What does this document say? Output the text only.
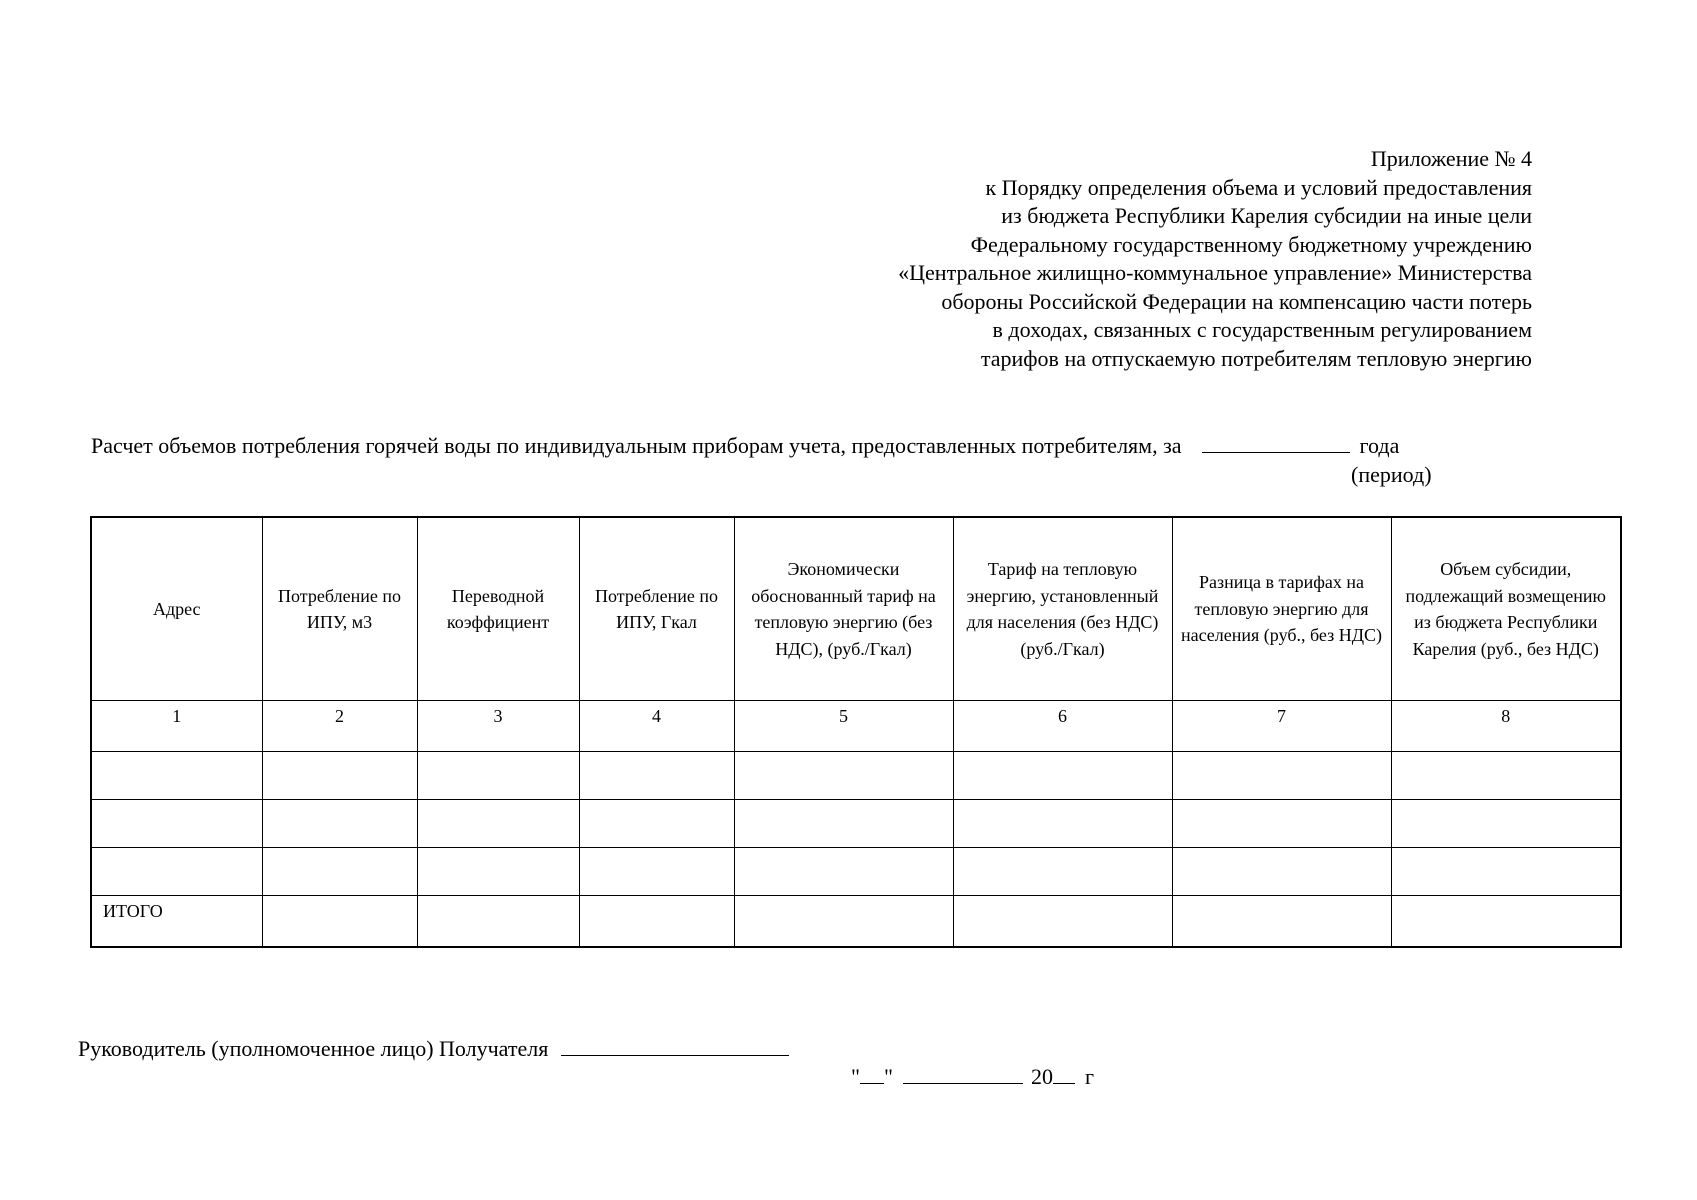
Приложение № 4
к Порядку определения объема и условий предоставления
из бюджета Республики Карелия субсидии на иные цели
Федеральному государственному бюджетному учреждению
«Центральное жилищно-коммунальное управление» Министерства
обороны Российской Федерации на компенсацию части потерь
в доходах, связанных с государственным регулированием
тарифов на отпускаемую потребителям тепловую энергию
Расчет объемов потребления горячей воды по индивидуальным приборам учета, предоставленных потребителям, за	года
(период)
Адрес	Потребление по ИПУ, м3	Переводной коэффициент	Потребление по ИПУ, Гкал	Экономически обоснованный тариф на тепловую энергию (без НДС), (руб./Гкал)	Тариф на тепловую энергию, установленный для населения (без НДС) (руб./Гкал)	Разница в тарифах на тепловую энергию для населения (руб., без НДС)	Объем субсидии, подлежащий возмещению из бюджета Республики Карелия (руб., без НДС)
1	2	3	4	5	6	7	8

ИТОГО							
Руководитель (уполномоченное лицо) Получателя
" "	20 г
